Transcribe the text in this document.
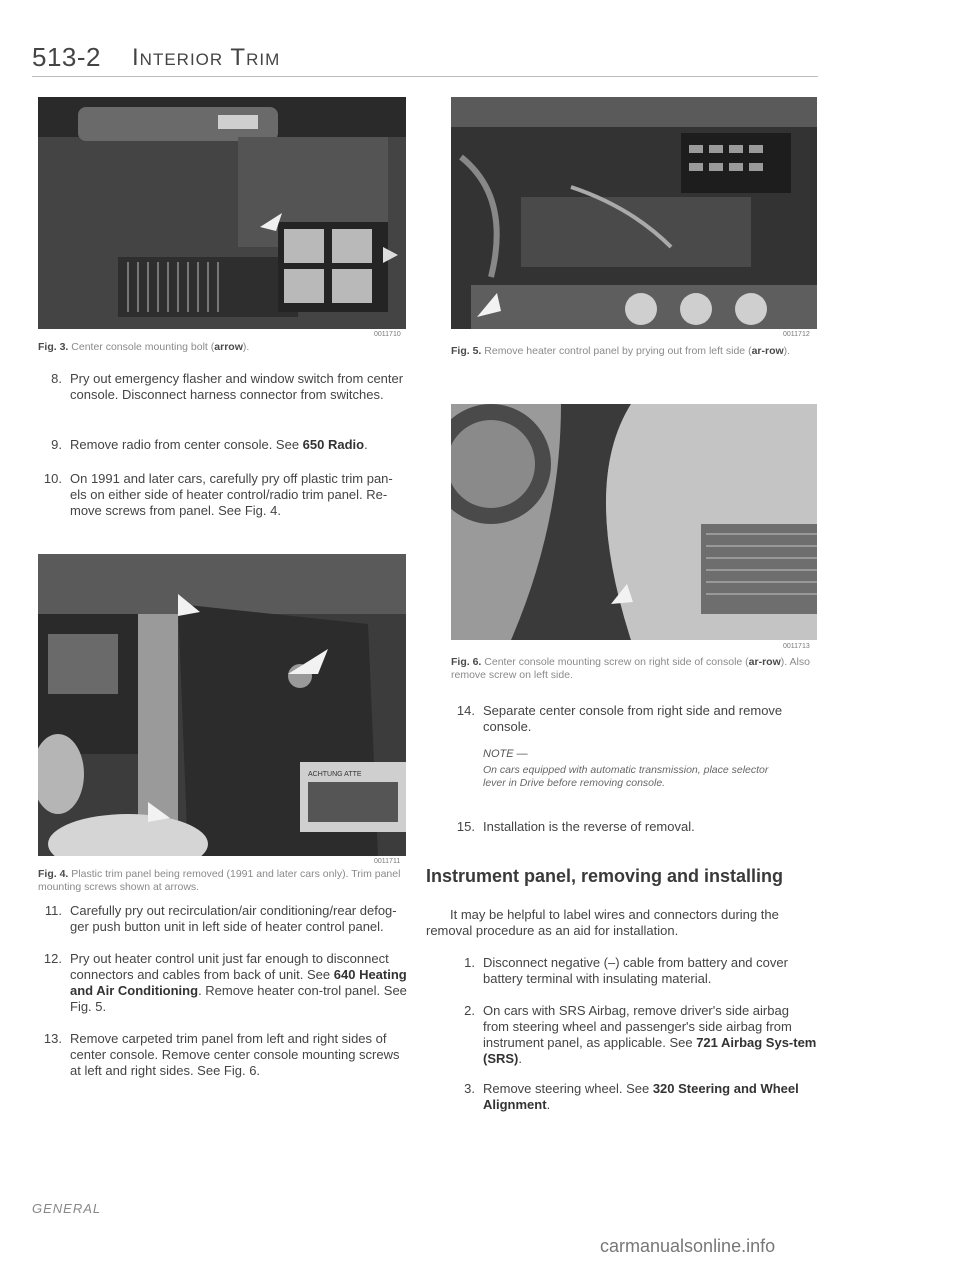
513-2 Interior Trim
0011710
Fig. 3. Center console mounting bolt (arrow).
8. Pry out emergency flasher and window switch from center console. Disconnect harness connector from switches.
9. Remove radio from center console. See 650 Radio.
10. On 1991 and later cars, carefully pry off plastic trim pan-els on either side of heater control/radio trim panel. Re-move screws from panel. See Fig. 4.
ACHTUNG ATTE
0011711
Fig. 4. Plastic trim panel being removed (1991 and later cars only). Trim panel mounting screws shown at arrows.
11. Carefully pry out recirculation/air conditioning/rear defog-ger push button unit in left side of heater control panel.
12. Pry out heater control unit just far enough to disconnect connectors and cables from back of unit. See 640 Heating and Air Conditioning. Remove heater con-trol panel. See Fig. 5.
13. Remove carpeted trim panel from left and right sides of center console. Remove center console mounting screws at left and right sides. See Fig. 6.
0011712
Fig. 5. Remove heater control panel by prying out from left side (ar-row).
0011713
Fig. 6. Center console mounting screw on right side of console (ar-row). Also remove screw on left side.
14. Separate center console from right side and remove console.
NOTE —
On cars equipped with automatic transmission, place selector lever in Drive before removing console.
15. Installation is the reverse of removal.
Instrument panel, removing and installing
It may be helpful to label wires and connectors during the removal procedure as an aid for installation.
1. Disconnect negative (–) cable from battery and cover battery terminal with insulating material.
2. On cars with SRS Airbag, remove driver's side airbag from steering wheel and passenger's side airbag from instrument panel, as applicable. See 721 Airbag Sys-tem (SRS).
3. Remove steering wheel. See 320 Steering and Wheel Alignment.
GENERAL
carmanualsonline.info
